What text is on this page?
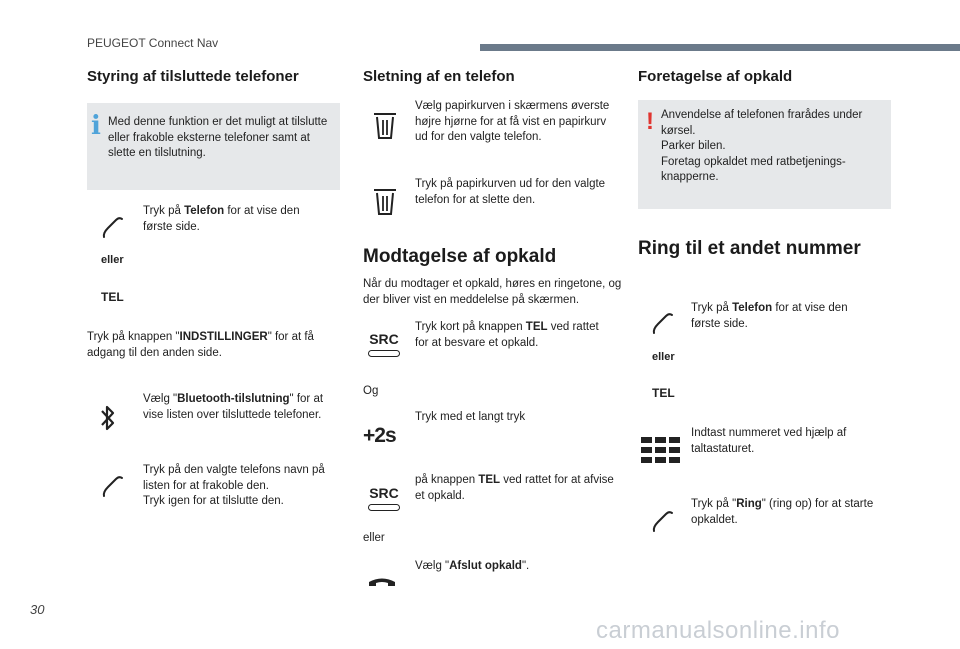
PEUGEOT Connect Nav
Styring af tilsluttede telefoner
i Med denne funktion er det muligt at tilslutte eller frakoble eksterne telefoner samt at slette en tilslutning.
Tryk på Telefon for at vise den første side.
eller
TEL
Tryk på knappen "INDSTILLINGER" for at få adgang til den anden side.
Vælg "Bluetooth-tilslutning" for at vise listen over tilsluttede telefoner.
Tryk på den valgte telefons navn på listen for at frakoble den.
Tryk igen for at tilslutte den.
Sletning af en telefon
Vælg papirkurven i skærmens øverste højre hjørne for at få vist en papirkurv ud for den valgte telefon.
Tryk på papirkurven ud for den valgte telefon for at slette den.
Modtagelse af opkald
Når du modtager et opkald, høres en ringetone, og der bliver vist en meddelelse på skærmen.
SRC
Tryk kort på knappen TEL ved rattet for at besvare et opkald.
Og
+2s
Tryk med et langt tryk
SRC
på knappen TEL ved rattet for at afvise et opkald.
eller
Vælg "Afslut opkald".
Foretagelse af opkald
! Anvendelse af telefonen frarådes under kørsel.
Parker bilen.
Foretag opkaldet med ratbetjenings-knapperne.
Ring til et andet nummer
Tryk på Telefon for at vise den første side.
eller
TEL
Indtast nummeret ved hjælp af taltastaturet.
Tryk på "Ring" (ring op) for at starte opkaldet.
30
carmanualsonline.info
